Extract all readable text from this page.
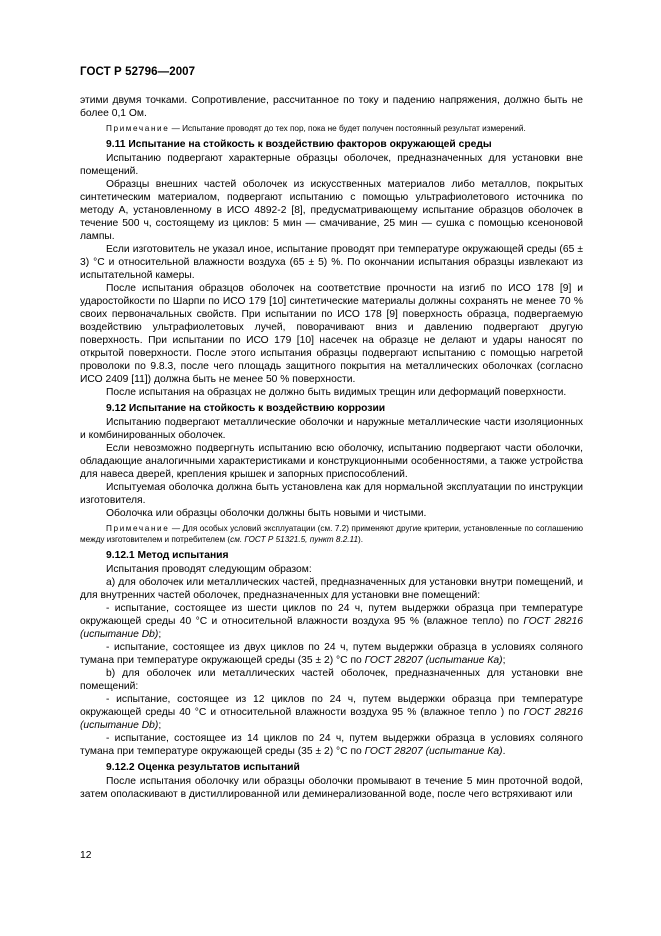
ГОСТ Р 52796—2007

этими двумя точками. Сопротивление, рассчитанное по току и падению напряжения, должно быть не более 0,1 Ом.

Примечание — Испытание проводят до тех пор, пока не будет получен постоянный результат измерений.

9.11 Испытание на стойкость к воздействию факторов окружающей среды

Испытанию подвергают характерные образцы оболочек, предназначенных для установки вне помещений.

Образцы внешних частей оболочек из искусственных материалов либо металлов, покрытых синтетическим материалом, подвергают испытанию с помощью ультрафиолетового источника по методу А, установленному в ИСО 4892-2 [8], предусматривающему испытание образцов оболочек в течение 500 ч, состоящему из циклов: 5 мин — смачивание, 25 мин — сушка с помощью ксеноновой лампы.

Если изготовитель не указал иное, испытание проводят при температуре окружающей среды (65 ± 3) °С и относительной влажности воздуха (65 ± 5) %. По окончании испытания образцы извлекают из испытательной камеры.

После испытания образцов оболочек на соответствие прочности на изгиб по ИСО 178 [9] и ударостойкости по Шарпи по ИСО 179 [10] синтетические материалы должны сохранять не менее 70 % своих первоначальных свойств. При испытании по ИСО 178 [9] поверхность образца, подвергаемую воздействию ультрафиолетовых лучей, поворачивают вниз и давлению подвергают другую поверхность. При испытании по ИСО 179 [10] насечек на образце не делают и удары наносят по открытой поверхности. После этого испытания образцы подвергают испытанию с помощью нагретой проволоки по 9.8.3, после чего площадь защитного покрытия на металлических оболочках (согласно ИСО 2409 [11]) должна быть не менее 50 % поверхности.

После испытания на образцах не должно быть видимых трещин или деформаций поверхности.

9.12 Испытание на стойкость к воздействию коррозии

Испытанию подвергают металлические оболочки и наружные металлические части изоляционных и комбинированных оболочек.

Если невозможно подвергнуть испытанию всю оболочку, испытанию подвергают части оболочки, обладающие аналогичными характеристиками и конструкционными особенностями, а также устройства для навеса дверей, крепления крышек и запорных приспособлений.

Испытуемая оболочка должна быть установлена как для нормальной эксплуатации по инструкции изготовителя.

Оболочка или образцы оболочки должны быть новыми и чистыми.

Примечание — Для особых условий эксплуатации (см. 7.2) применяют другие критерии, установленные по соглашению между изготовителем и потребителем (см. ГОСТ Р 51321.5, пункт 8.2.11).

9.12.1 Метод испытания

Испытания проводят следующим образом:

a) для оболочек или металлических частей, предназначенных для установки внутри помещений, и для внутренних частей оболочек, предназначенных для установки вне помещений:

- испытание, состоящее из шести циклов по 24 ч, путем выдержки образца при температуре окружающей среды 40 °С и относительной влажности воздуха 95 % (влажное тепло) по ГОСТ 28216 (испытание Db);

- испытание, состоящее из двух циклов по 24 ч, путем выдержки образца в условиях соляного тумана при температуре окружающей среды (35 ± 2) °С по ГОСТ 28207 (испытание Ка);

b) для оболочек или металлических частей оболочек, предназначенных для установки вне помещений:

- испытание, состоящее из 12 циклов по 24 ч, путем выдержки образца при температуре окружающей среды 40 °С и относительной влажности воздуха 95 % (влажное тепло ) по ГОСТ 28216 (испытание Db);

- испытание, состоящее из 14 циклов по 24 ч, путем выдержки образца в условиях соляного тумана при температуре окружающей среды (35 ± 2) °С по ГОСТ 28207 (испытание Ка).

9.12.2 Оценка результатов испытаний

После испытания оболочку или образцы оболочки промывают в течение 5 мин проточной водой, затем ополаскивают в дистиллированной или деминерализованной воде, после чего встряхивают или

12
